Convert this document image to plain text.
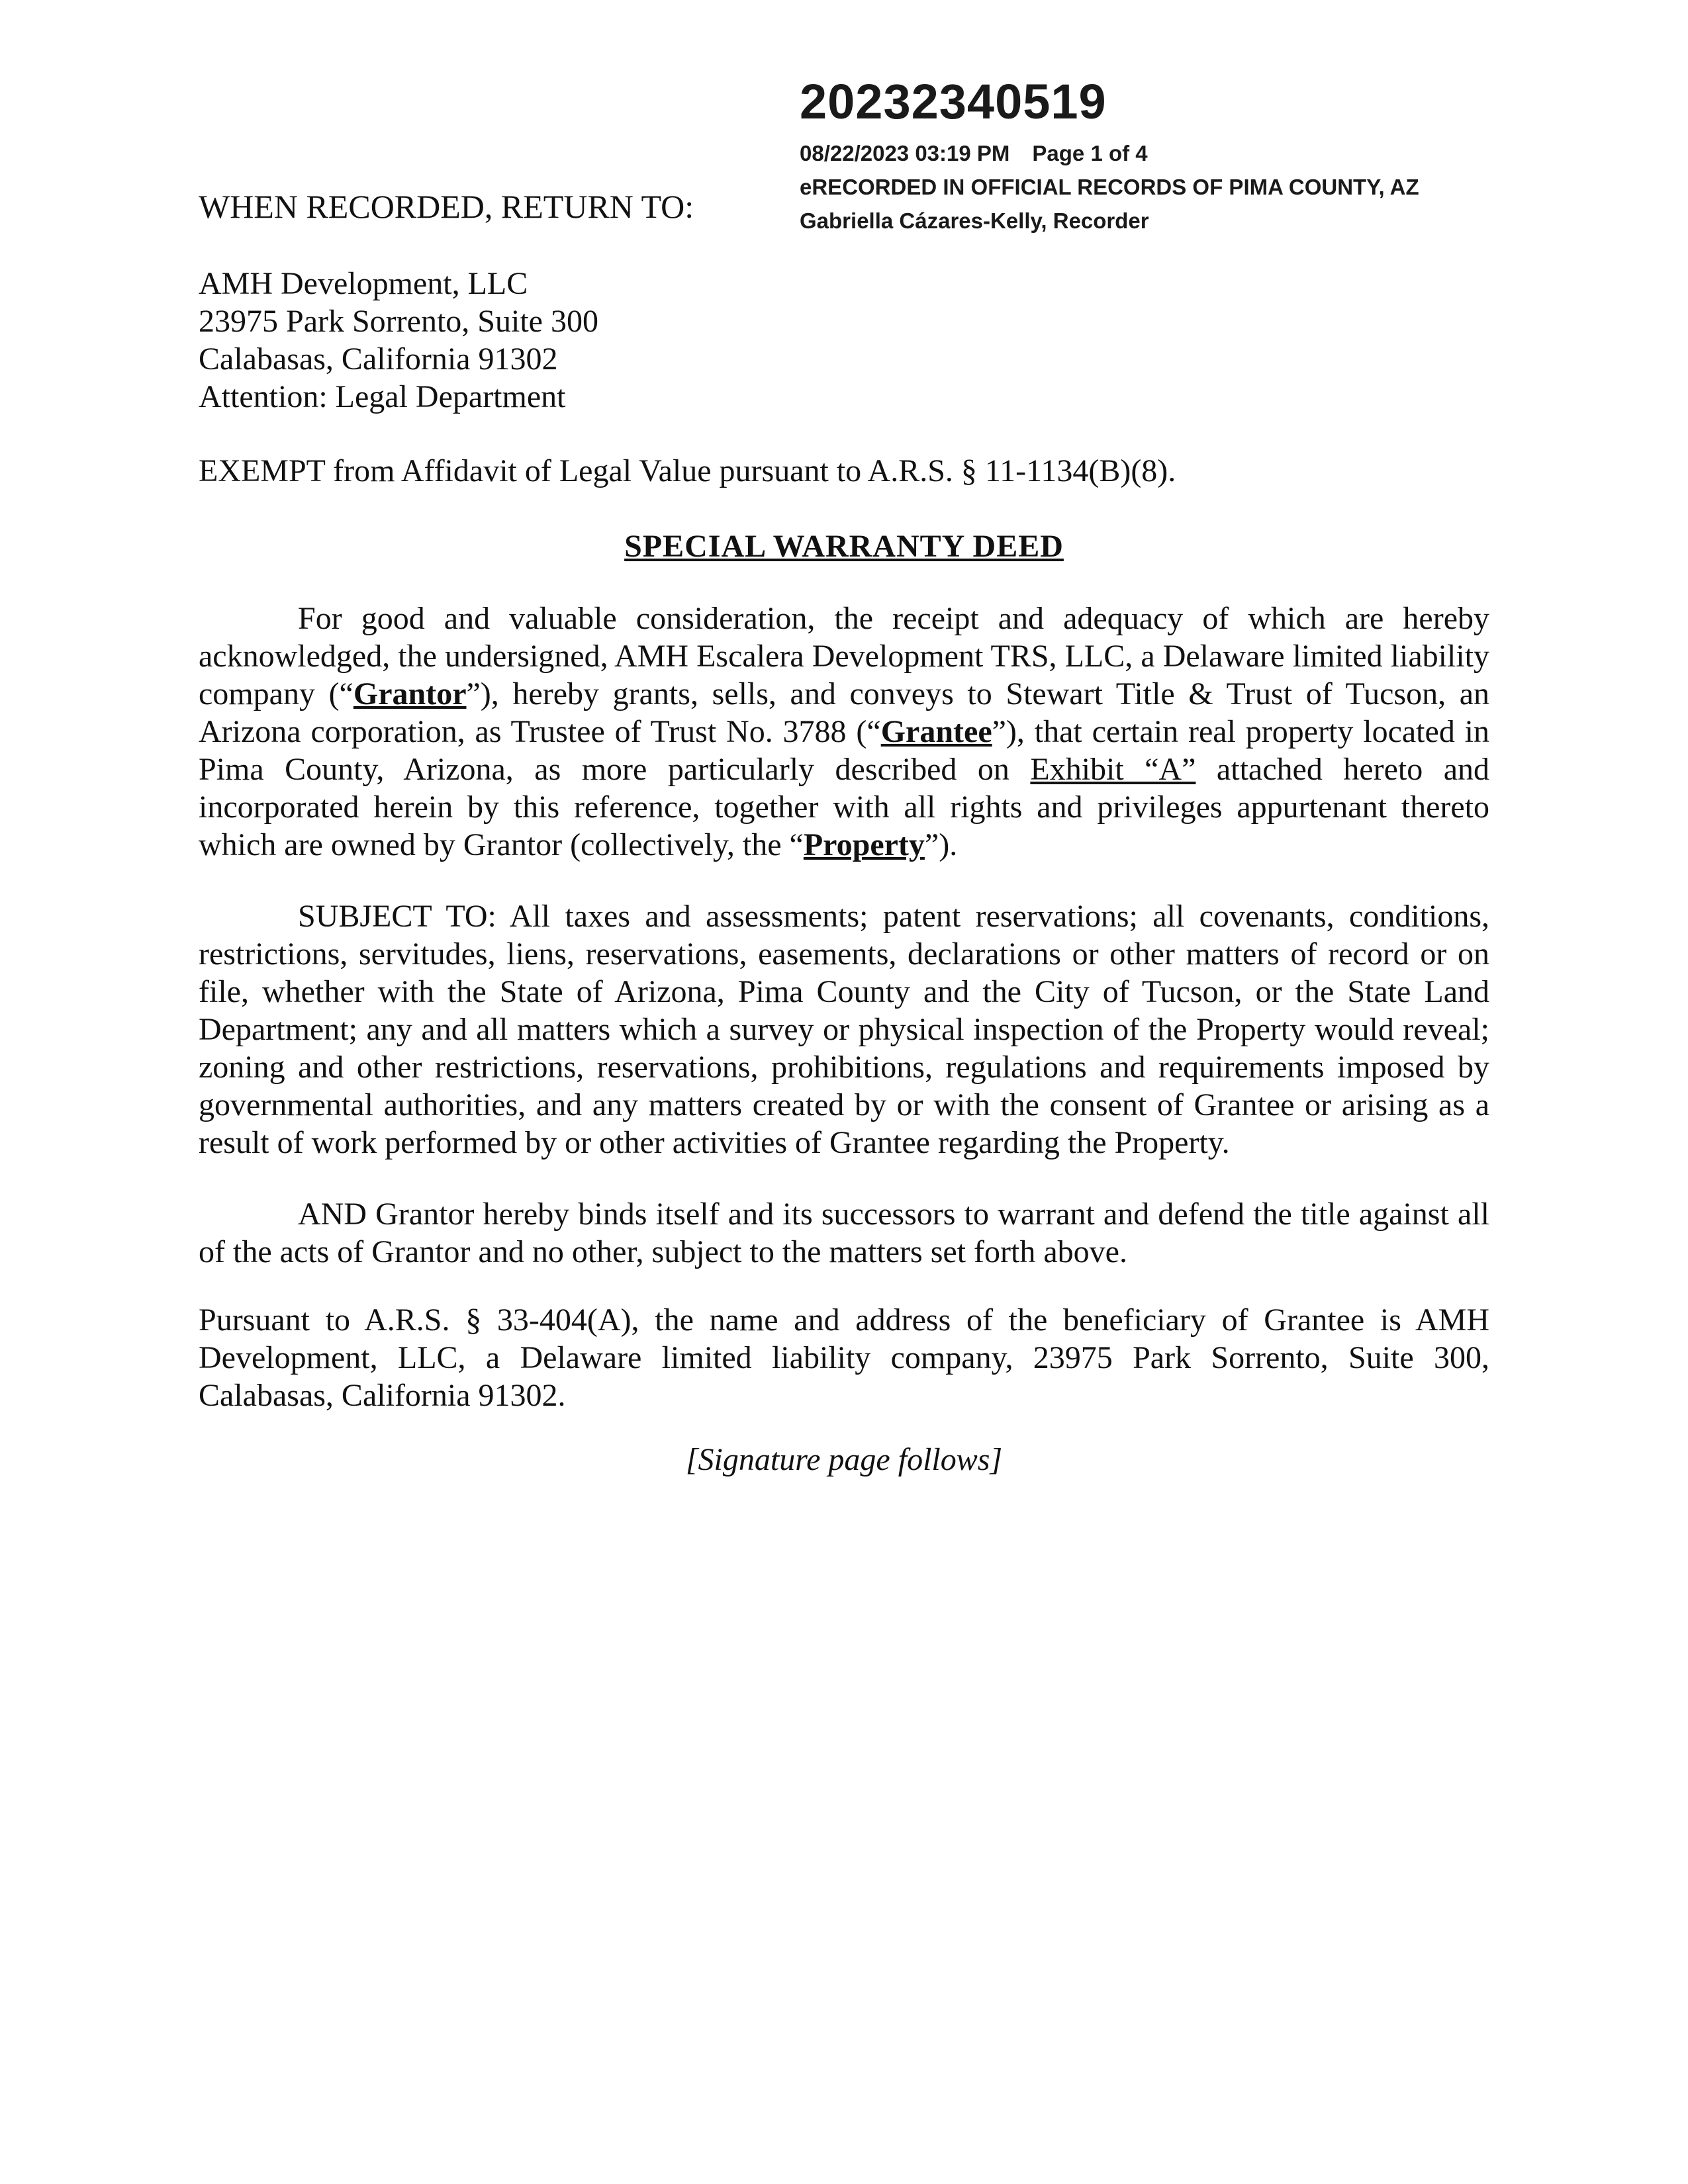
20232340519
08/22/2023 03:19 PM Page 1 of 4
eRECORDED IN OFFICIAL RECORDS OF PIMA COUNTY, AZ
Gabriella Cázares-Kelly, Recorder
WHEN RECORDED, RETURN TO:
AMH Development, LLC
23975 Park Sorrento, Suite 300
Calabasas, California 91302
Attention: Legal Department
EXEMPT from Affidavit of Legal Value pursuant to A.R.S. § 11-1134(B)(8).
SPECIAL WARRANTY DEED

For good and valuable consideration, the receipt and adequacy of which are hereby acknowledged, the undersigned, AMH Escalera Development TRS, LLC, a Delaware limited liability company (“Grantor”), hereby grants, sells, and conveys to Stewart Title & Trust of Tucson, an Arizona corporation, as Trustee of Trust No. 3788 (“Grantee”), that certain real property located in Pima County, Arizona, as more particularly described on Exhibit “A” attached hereto and incorporated herein by this reference, together with all rights and privileges appurtenant thereto which are owned by Grantor (collectively, the “Property”).

SUBJECT TO: All taxes and assessments; patent reservations; all covenants, conditions, restrictions, servitudes, liens, reservations, easements, declarations or other matters of record or on file, whether with the State of Arizona, Pima County and the City of Tucson, or the State Land Department; any and all matters which a survey or physical inspection of the Property would reveal; zoning and other restrictions, reservations, prohibitions, regulations and requirements imposed by governmental authorities, and any matters created by or with the consent of Grantee or arising as a result of work performed by or other activities of Grantee regarding the Property.

AND Grantor hereby binds itself and its successors to warrant and defend the title against all of the acts of Grantor and no other, subject to the matters set forth above.

Pursuant to A.R.S. § 33-404(A), the name and address of the beneficiary of Grantee is AMH Development, LLC, a Delaware limited liability company, 23975 Park Sorrento, Suite 300, Calabasas, California 91302.

[Signature page follows]
